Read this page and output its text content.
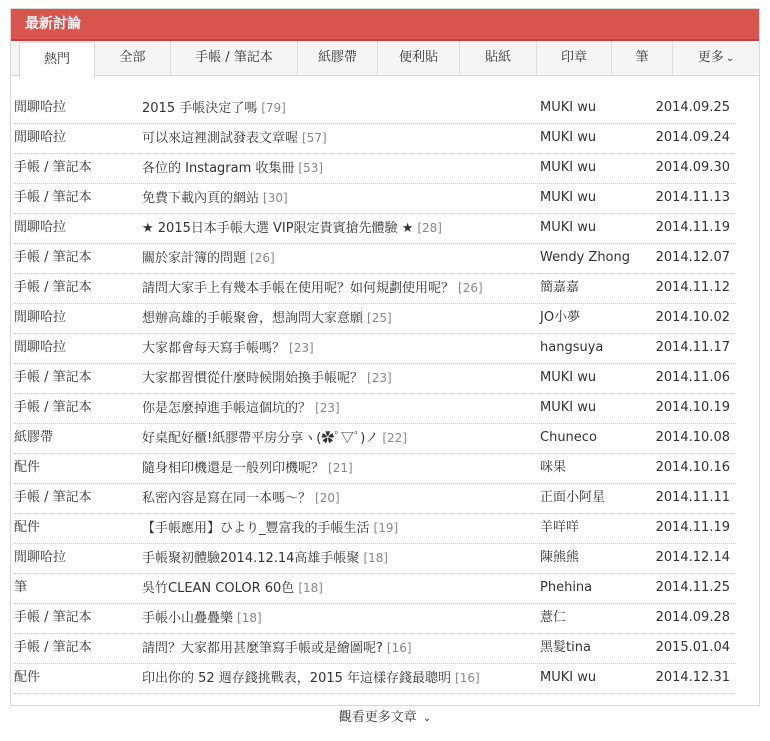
最新討論
熱門	全部	手帳 / 筆記本	紙膠帶	便利貼	貼紙	印章	筆	更多 ⌄
閒聊哈拉	2015 手帳決定了嗎 [79]	MUKI wu	2014.09.25
閒聊哈拉	可以來這裡測試發表文章喔 [57]	MUKI wu	2014.09.24
手帳 / 筆記本	各位的 Instagram 收集冊 [53]	MUKI wu	2014.09.30
手帳 / 筆記本	免費下載內頁的網站 [30]	MUKI wu	2014.11.13
閒聊哈拉	★ 2015日本手帳大選 VIP限定貴賓搶先體驗 ★ [28]	MUKI wu	2014.11.19
手帳 / 筆記本	關於家計簿的問題 [26]	Wendy Zhong	2014.12.07
手帳 / 筆記本	請問大家手上有幾本手帳在使用呢？如何規劃使用呢？ [26]	簡嘉嘉	2014.11.12
閒聊哈拉	想辦高雄的手帳聚會，想詢問大家意願 [25]	JO小夢	2014.10.02
閒聊哈拉	大家都會每天寫手帳嗎？ [23]	hangsuya	2014.11.17
手帳 / 筆記本	大家都習慣從什麼時候開始換手帳呢？ [23]	MUKI wu	2014.11.06
手帳 / 筆記本	你是怎麼掉進手帳這個坑的？ [23]	MUKI wu	2014.10.19
紙膠帶	好桌配好櫃!紙膠帶平房分享ヽ(✿ﾟ▽ﾟ)ノ [22]	Chuneco	2014.10.08
配件	隨身相印機還是一般列印機呢？ [21]	咪果	2014.10.16
手帳 / 筆記本	私密內容是寫在同一本嗎～？ [20]	正面小阿星	2014.11.11
配件	【手帳應用】ひより_豐富我的手帳生活 [19]	羊咩咩	2014.11.19
閒聊哈拉	手帳聚初體驗2014.12.14高雄手帳聚 [18]	陳熊熊	2014.12.14
筆	吳竹CLEAN COLOR 60色 [18]	Phehina	2014.11.25
手帳 / 筆記本	手帳小山疊疊樂 [18]	薏仁	2014.09.28
手帳 / 筆記本	請問？大家都用甚麼筆寫手帳或是繪圖呢? [16]	黑髮tina	2015.01.04
配件	印出你的 52 週存錢挑戰表，2015 年這樣存錢最聰明 [16]	MUKI wu	2014.12.31
觀看更多文章 ⌄
